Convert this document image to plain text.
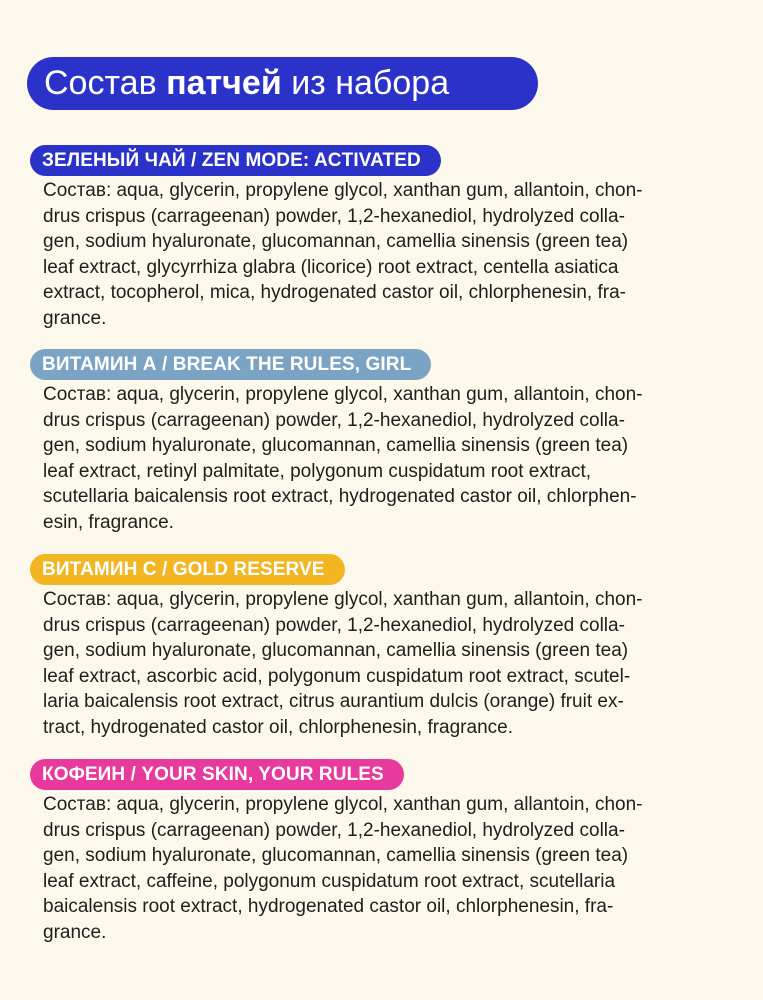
Состав
патчей
из набора
ЗЕЛЕНЫЙ ЧАЙ / ZEN MODE: ACTIVATED

Состав: aqua, glycerin, propylene glycol, xanthan gum, allantoin, chon-
drus crispus (carrageenan) powder, 1,2-hexanediol, hydrolyzed colla-
gen, sodium hyaluronate, glucomannan, camellia sinensis (green tea)
leaf extract, glycyrrhiza glabra (licorice) root extract, centella asiatica
extract, tocopherol, mica, hydrogenated castor oil, chlorphenesin, fra-
grance.

ВИТАМИН А / BREAK THE RULES, GIRL

Состав: aqua, glycerin, propylene glycol, xanthan gum, allantoin, chon-
drus crispus (carrageenan) powder, 1,2-hexanediol, hydrolyzed colla-
gen, sodium hyaluronate, glucomannan, camellia sinensis (green tea)
leaf extract, retinyl palmitate, polygonum cuspidatum root extract,
scutellaria baicalensis root extract, hydrogenated castor oil, chlorphen-
esin, fragrance.

ВИТАМИН С / GOLD RESERVE

Состав: aqua, glycerin, propylene glycol, xanthan gum, allantoin, chon-
drus crispus (carrageenan) powder, 1,2-hexanediol, hydrolyzed colla-
gen, sodium hyaluronate, glucomannan, camellia sinensis (green tea)
leaf extract, ascorbic acid, polygonum cuspidatum root extract, scutel-
laria baicalensis root extract, citrus aurantium dulcis (orange) fruit ex-
tract, hydrogenated castor oil, chlorphenesin, fragrance.

КОФЕИН / YOUR SKIN, YOUR RULES

Состав: aqua, glycerin, propylene glycol, xanthan gum, allantoin, chon-
drus crispus (carrageenan) powder, 1,2-hexanediol, hydrolyzed colla-
gen, sodium hyaluronate, glucomannan, camellia sinensis (green tea)
leaf extract, caffeine, polygonum cuspidatum root extract, scutellaria
baicalensis root extract, hydrogenated castor oil, chlorphenesin, fra-
grance.
